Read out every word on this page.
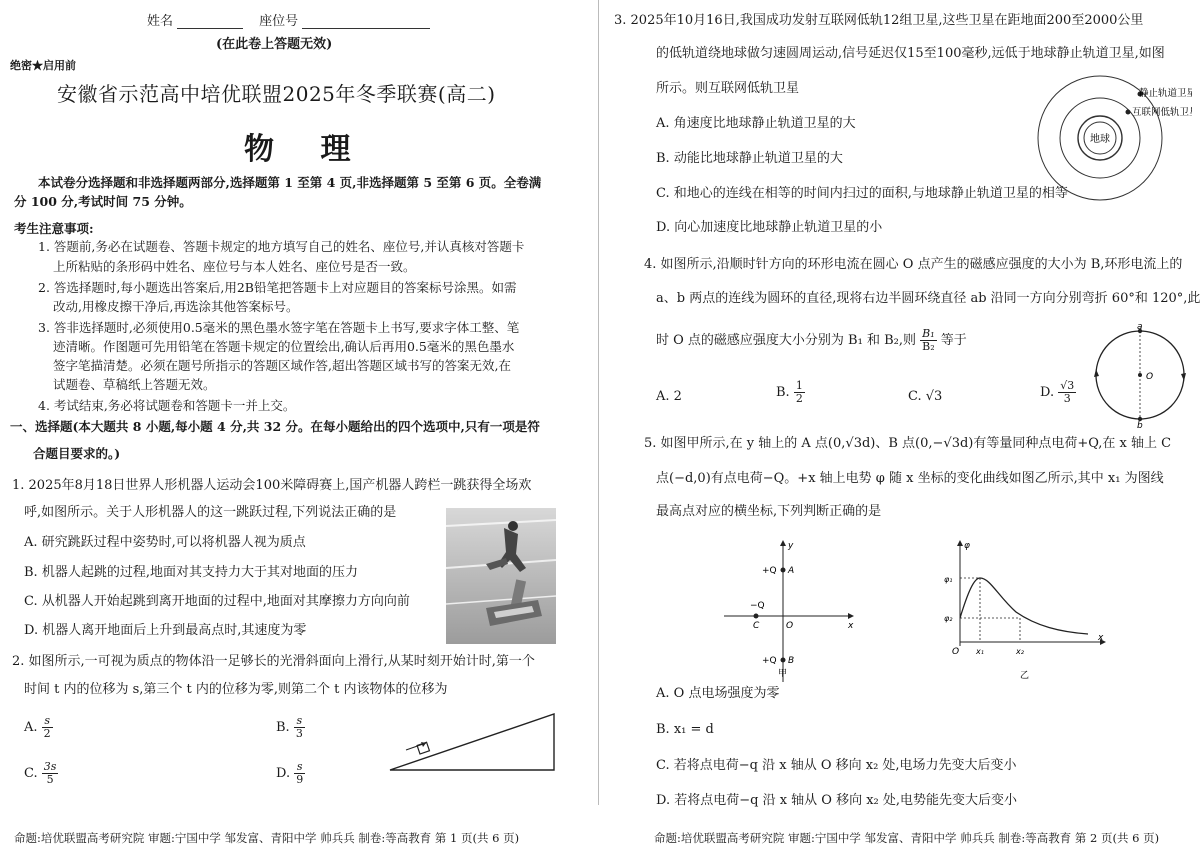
姓名	座位号
(在此卷上答题无效)
绝密★启用前
安徽省示范高中培优联盟2025年冬季联赛(高二)
物 理
本试卷分选择题和非选择题两部分,选择题第 1 至第 4 页,非选择题第 5 至第 6 页。全卷满
分 100 分,考试时间 75 分钟。
考生注意事项:
1. 答题前,务必在试题卷、答题卡规定的地方填写自己的姓名、座位号,并认真核对答题卡
上所粘贴的条形码中姓名、座位号与本人姓名、座位号是否一致。
2. 答选择题时,每小题选出答案后,用2B铅笔把答题卡上对应题目的答案标号涂黑。如需
改动,用橡皮擦干净后,再选涂其他答案标号。
3. 答非选择题时,必须使用0.5毫米的黑色墨水签字笔在答题卡上书写,要求字体工整、笔
迹清晰。作图题可先用铅笔在答题卡规定的位置绘出,确认后再用0.5毫米的黑色墨水
签字笔描清楚。必须在题号所指示的答题区域作答,超出答题区域书写的答案无效,在
试题卷、草稿纸上答题无效。
4. 考试结束,务必将试题卷和答题卡一并上交。
一、选择题(本大题共 8 小题,每小题 4 分,共 32 分。在每小题给出的四个选项中,只有一项是符
合题目要求的。)
1. 2025年8月18日世界人形机器人运动会100米障碍赛上,国产机器人跨栏一跳获得全场欢
呼,如图所示。关于人形机器人的这一跳跃过程,下列说法正确的是
A. 研究跳跃过程中姿势时,可以将机器人视为质点
B. 机器人起跳的过程,地面对其支持力大于其对地面的压力
C. 从机器人开始起跳到离开地面的过程中,地面对其摩擦力方向向前
D. 机器人离开地面后上升到最高点时,其速度为零
2. 如图所示,一可视为质点的物体沿一足够长的光滑斜面向上滑行,从某时刻开始计时,第一个
时间 t 内的位移为 s,第三个 t 内的位移为零,则第二个 t 内该物体的位移为
A. $\frac{s}{2}$	B. $\frac{s}{3}$
C. $\frac{3s}{5}$	D. $\frac{s}{9}$
命题:培优联盟高考研究院 审题:宁国中学 邹发富、青阳中学 帅兵兵 制卷:等高教育 第 1 页(共 6 页)
3. 2025年10月16日,我国成功发射互联网低轨12组卫星,这些卫星在距地面200至2000公里
的低轨道绕地球做匀速圆周运动,信号延迟仅15至100毫秒,远低于地球静止轨道卫星,如图
所示。则互联网低轨卫星
A. 角速度比地球静止轨道卫星的大
B. 动能比地球静止轨道卫星的大
C. 和地心的连线在相等的时间内扫过的面积,与地球静止轨道卫星的相等
D. 向心加速度比地球静止轨道卫星的小
地球
静止轨道卫星
互联网低轨卫星
4. 如图所示,沿顺时针方向的环形电流在圆心 O 点产生的磁感应强度的大小为 B,环形电流上的
a、b 两点的连线为圆环的直径,现将右边半圆环绕直径 ab 沿同一方向分别弯折 60°和 120°,此
时 O 点的磁感应强度大小分别为 B₁ 和 B₂,则 $\frac{\text{B₁}}{\text{B₂}}$ 等于
A. 2	B. $\frac{1}{2}$	C. √3	D. $\frac{√3}{3}$
a
b
O
5. 如图甲所示,在 y 轴上的 A 点(0,√3d)、B 点(0,−√3d)有等量同种点电荷+Q,在 x 轴上 C
点(−d,0)有点电荷−Q。+x 轴上电势 φ 随 x 坐标的变化曲线如图乙所示,其中 x₁ 为图线
最高点对应的横坐标,下列判断正确的是
y
x
+Q A
+Q B
−Q
C	O
甲
φ
x
O
φ₁
φ₂
x₁	x₂
乙
A. O 点电场强度为零
B. x₁ = d
C. 若将点电荷−q 沿 x 轴从 O 移向 x₂ 处,电场力先变大后变小
D. 若将点电荷−q 沿 x 轴从 O 移向 x₂ 处,电势能先变大后变小
命题:培优联盟高考研究院 审题:宁国中学 邹发富、青阳中学 帅兵兵 制卷:等高教育 第 2 页(共 6 页)
